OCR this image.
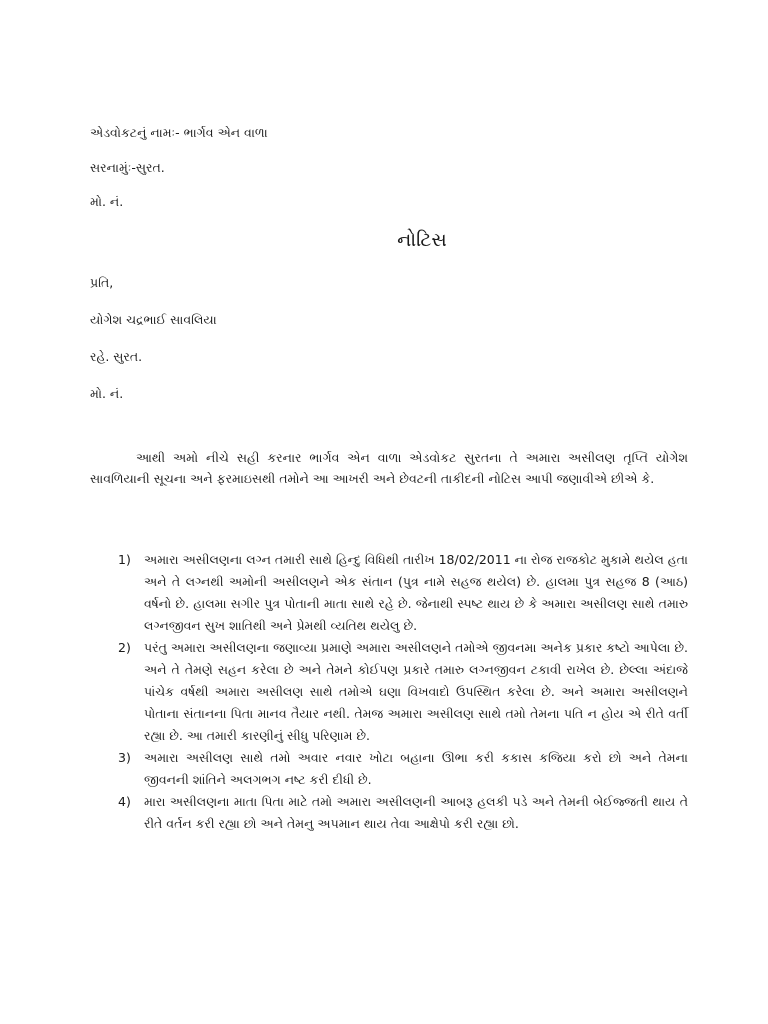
એડવોકટનું નામઃ- ભાર્ગવ એન વાળા
સરનામુંઃ-સુરત.
મો. નં.
નોટિસ
પ્રતિ,
યોગેશ ચદ્રભાઈ સાવલિયા
રહે. સુરત.
મો. નં.
આથી અમો નીચે સહી કરનાર ભાર્ગવ એન વાળા એડવોકટ સુરતના તે અમારા અસીલણ તૃપ્તિ યોગેશ સાવળિયાની સૂચના અને ફરમાઇસથી તમોને આ આખરી અને છેવટની તાકીદની નોટિસ આપી જણાવીએ છીએ કે.
1) અમારા અસીલણના લગ્ન તમારી સાથે હિન્દુ વિધિથી તારીખ 18/02/2011 ના રોજ રાજકોટ મુકામે થયેલ હતા અને તે લગ્નથી અમોની અસીલણને એક સંતાન (પુત્ર નામે સહજ થયેલ) છે. હાલમા પુત્ર સહજ 8 (આઠ) વર્ષનો છે. હાલમા સગીર પુત્ર પોતાની માતા સાથે રહે છે. જેનાથી સ્પષ્ટ થાય છે કે અમારા અસીલણ સાથે તમારુ લગ્નજીવન સુખ શાતિથી અને પ્રેમથી વ્યતિથ થયેલુ છે.
2) પરંતુ અમારા અસીલણના જણાવ્યા પ્રમાણે અમારા અસીલણને તમોએ જીવનમા અનેક પ્રકાર કષ્ટો આપેલા છે. અને તે તેમણે સહન કરેલા છે અને તેમને કોઈપણ પ્રકારે તમારુ લગ્નજીવન ટકાવી રાખેલ છે. છેલ્લા અંદાજે પાંચેક વર્ષથી અમારા અસીલણ સાથે તમોએ ઘણા વિખવાદો ઉપસ્થિત કરેલા છે. અને અમારા અસીલણને પોતાના સંતાનના પિતા માનવ તૈયાર નથી. તેમજ અમારા અસીલણ સાથે તમો તેમના પતિ ન હોય એ રીતે વર્તી રહ્યા છે. આ તમારી કારણીનું સીધુ પરિણામ છે.
3) અમારા અસીલણ સાથે તમો અવાર નવાર ખોટા બહાના ઊભા કરી કકાસ કજિયા કરો છો અને તેમના જીવનની શાંતિને અલગભગ નષ્ટ કરી દીધી છે.
4) મારા અસીલણના માતા પિતા માટે તમો અમારા અસીલણની આબરૂ હલકી પડે અને તેમની બેઈજ્જતી થાય તે રીતે વર્તન કરી રહ્યા છો અને તેમનુ અપમાન થાય તેવા આક્ષેપો કરી રહ્યા છો.
